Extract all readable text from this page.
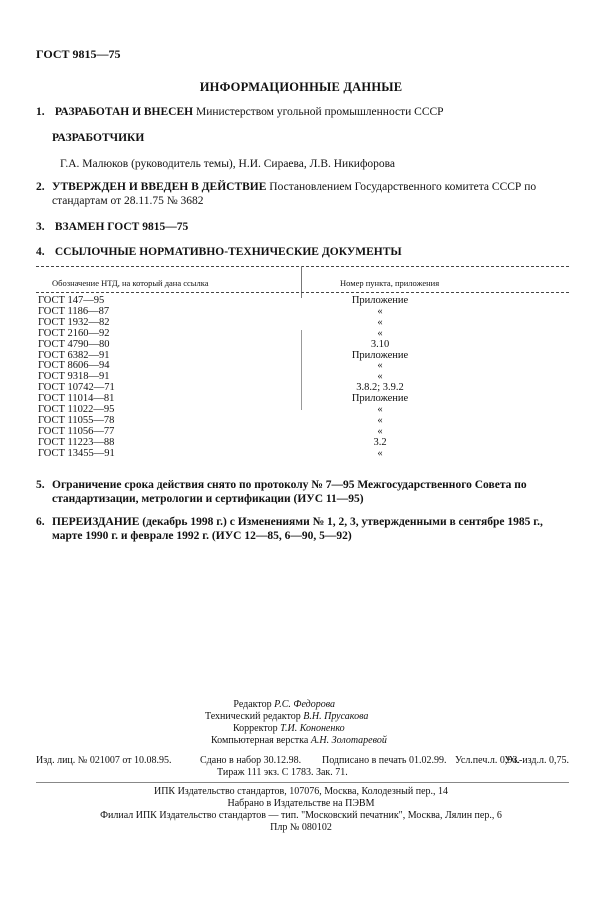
ГОСТ 9815—75
ИНФОРМАЦИОННЫЕ ДАННЫЕ
1. РАЗРАБОТАН И ВНЕСЕН Министерством угольной промышленности СССР
РАЗРАБОТЧИКИ
Г.А. Малюков (руководитель темы), Н.И. Сираева, Л.В. Никифорова
2. УТВЕРЖДЕН И ВВЕДЕН В ДЕЙСТВИЕ Постановлением Государственного комитета СССР по стандартам от 28.11.75 № 3682
3. ВЗАМЕН ГОСТ 9815—75
4. ССЫЛОЧНЫЕ НОРМАТИВНО-ТЕХНИЧЕСКИЕ ДОКУМЕНТЫ
Обозначение НТД, на который дана ссылка	Номер пункта, приложения
ГОСТ 147—95	Приложение
ГОСТ 1186—87	«
ГОСТ 1932—82	«
ГОСТ 2160—92	«
ГОСТ 4790—80	3.10
ГОСТ 6382—91	Приложение
ГОСТ 8606—94	«
ГОСТ 9318—91	«
ГОСТ 10742—71	3.8.2; 3.9.2
ГОСТ 11014—81	Приложение
ГОСТ 11022—95	«
ГОСТ 11055—78	«
ГОСТ 11056—77	«
ГОСТ 11223—88	3.2
ГОСТ 13455—91	«
5. Ограничение срока действия снято по протоколу № 7—95 Межгосударственного Совета по стандартизации, метрологии и сертификации (ИУС 11—95)
6. ПЕРЕИЗДАНИЕ (декабрь 1998 г.) с Изменениями № 1, 2, 3, утвержденными в сентябре 1985 г., марте 1990 г. и феврале 1992 г. (ИУС 12—85, 6—90, 5—92)
Редактор Р.С. Федорова
Технический редактор В.Н. Прусакова
Корректор Т.И. Кононенко
Компьютерная верстка А.Н. Золотаревой
Изд. лиц. № 021007 от 10.08.95.	Сдано в набор 30.12.98. Подписано в печать 01.02.99. Усл.печ.л. 0,93.
Уч.-изд.л. 0,75.
Тираж 111 экз. С 1783. Зак. 71.
ИПК Издательство стандартов, 107076, Москва, Колодезный пер., 14
Набрано в Издательстве на ПЭВМ
Филиал ИПК Издательство стандартов — тип. "Московский печатник", Москва, Лялин пер., 6
Плр № 080102
